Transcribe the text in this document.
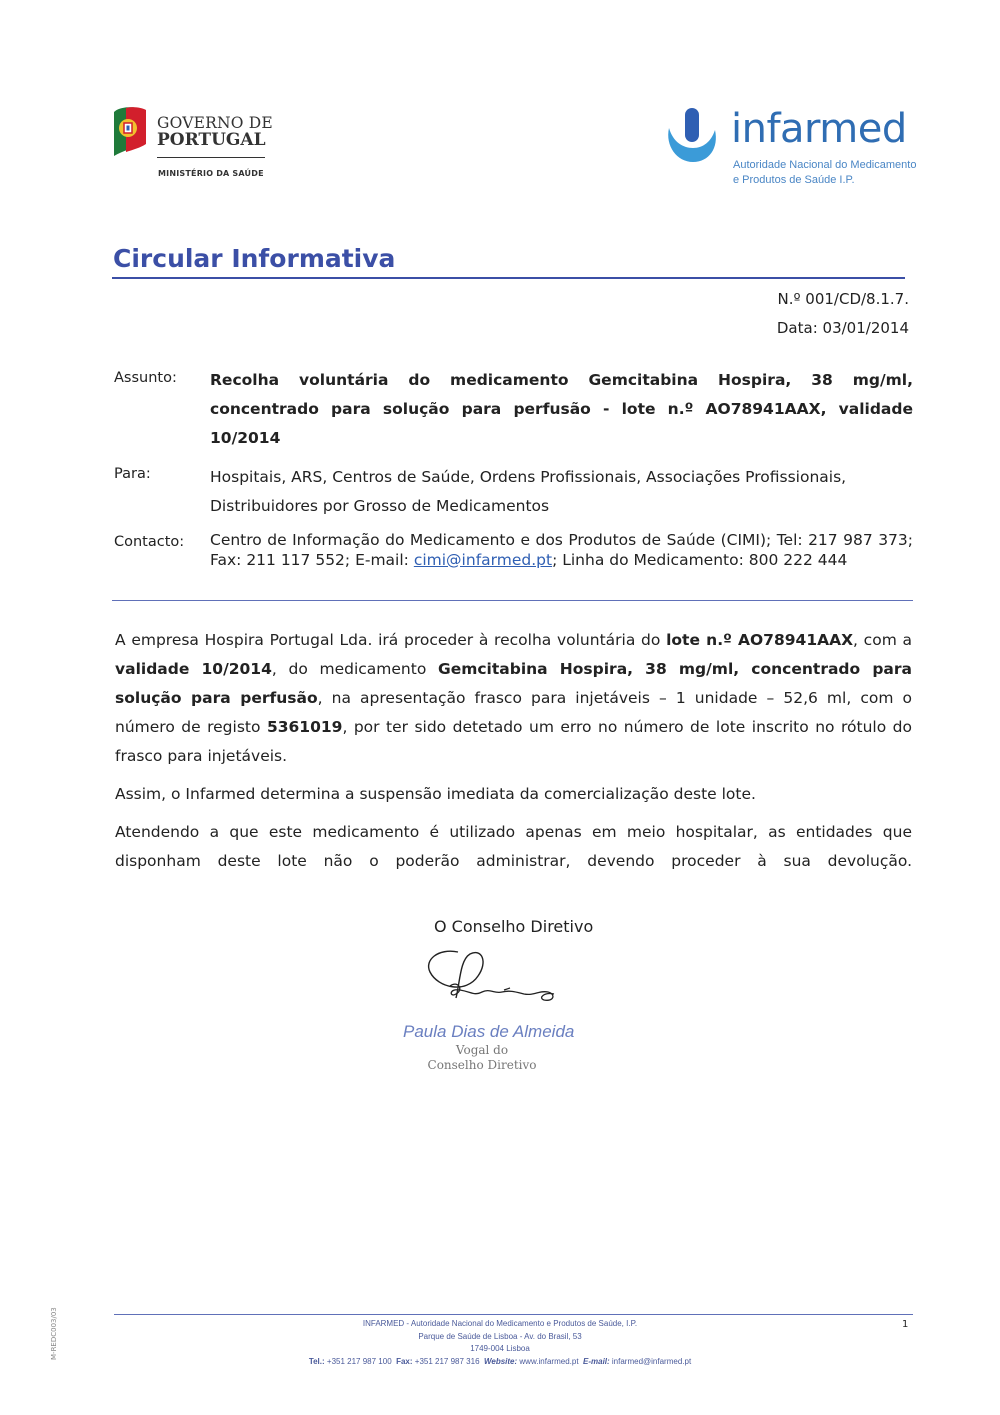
GOVERNO DE
PORTUGAL
MINISTÉRIO DA SAÚDE
infarmed
Autoridade Nacional do Medicamento
e Produtos de Saúde I.P.
Circular Informativa
N.º 001/CD/8.1.7.
Data: 03/01/2014
Assunto: Recolha voluntária do medicamento Gemcitabina Hospira, 38 mg/ml, concentrado para solução para perfusão - lote n.º AO78941AAX, validade 10/2014
Para:	Hospitais, ARS, Centros de Saúde, Ordens Profissionais, Associações Profissionais, Distribuidores por Grosso de Medicamentos
Contacto: Centro de Informação do Medicamento e dos Produtos de Saúde (CIMI); Tel: 217 987 373; Fax: 211 117 552; E-mail: cimi@infarmed.pt; Linha do Medicamento: 800 222 444
A empresa Hospira Portugal Lda. irá proceder à recolha voluntária do lote n.º AO78941AAX, com a validade 10/2014, do medicamento Gemcitabina Hospira, 38 mg/ml, concentrado para solução para perfusão, na apresentação frasco para injetáveis – 1 unidade – 52,6 ml, com o número de registo 5361019, por ter sido detetado um erro no número de lote inscrito no rótulo do frasco para injetáveis.
Assim, o Infarmed determina a suspensão imediata da comercialização deste lote.
Atendendo a que este medicamento é utilizado apenas em meio hospitalar, as entidades que disponham deste lote não o poderão administrar, devendo proceder à sua devolução.
O Conselho Diretivo
Paula Dias de Almeida
Vogal do
Conselho Diretivo
INFARMED - Autoridade Nacional do Medicamento e Produtos de Saúde, I.P.
Parque de Saúde de Lisboa - Av. do Brasil, 53
1749-004 Lisboa
Tel.: +351 217 987 100 Fax: +351 217 987 316 Website: www.infarmed.pt E-mail: infarmed@infarmed.pt
1
M-REDC003/03
